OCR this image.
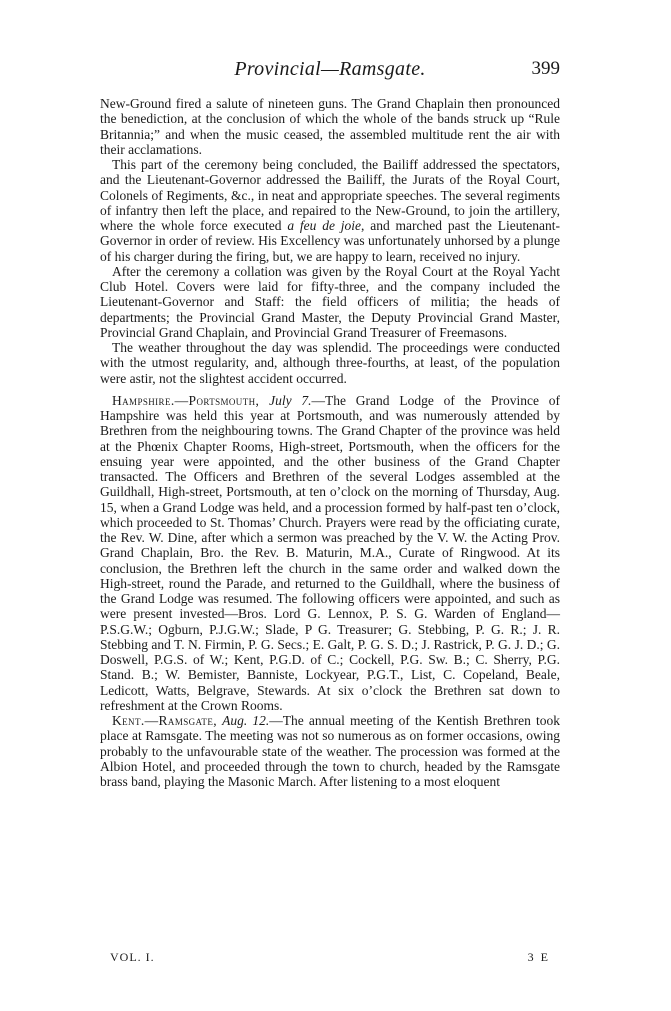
Provincial—Ramsgate.	399

New-Ground fired a salute of nineteen guns. The Grand Chaplain then pronounced the benediction, at the conclusion of which the whole of the bands struck up “Rule Britannia;” and when the music ceased, the assembled multitude rent the air with their acclamations.

This part of the ceremony being concluded, the Bailiff addressed the spectators, and the Lieutenant-Governor addressed the Bailiff, the Jurats of the Royal Court, Colonels of Regiments, &c., in neat and appropriate speeches. The several regiments of infantry then left the place, and repaired to the New-Ground, to join the artillery, where the whole force executed a feu de joie, and marched past the Lieutenant-Governor in order of review. His Excellency was unfortunately unhorsed by a plunge of his charger during the firing, but, we are happy to learn, received no injury.

After the ceremony a collation was given by the Royal Court at the Royal Yacht Club Hotel. Covers were laid for fifty-three, and the company included the Lieutenant-Governor and Staff: the field officers of militia; the heads of departments; the Provincial Grand Master, the Deputy Provincial Grand Master, Provincial Grand Chaplain, and Provincial Grand Treasurer of Freemasons.

The weather throughout the day was splendid. The proceedings were conducted with the utmost regularity, and, although three-fourths, at least, of the population were astir, not the slightest accident occurred.

Hampshire.—Portsmouth, July 7.—The Grand Lodge of the Province of Hampshire was held this year at Portsmouth, and was numerously attended by Brethren from the neighbouring towns. The Grand Chapter of the province was held at the Phœnix Chapter Rooms, High-street, Portsmouth, when the officers for the ensuing year were appointed, and the other business of the Grand Chapter transacted. The Officers and Brethren of the several Lodges assembled at the Guildhall, High-street, Portsmouth, at ten o’clock on the morning of Thursday, Aug. 15, when a Grand Lodge was held, and a procession formed by half-past ten o’clock, which proceeded to St. Thomas’ Church. Prayers were read by the officiating curate, the Rev. W. Dine, after which a sermon was preached by the V. W. the Acting Prov. Grand Chaplain, Bro. the Rev. B. Maturin, M.A., Curate of Ringwood. At its conclusion, the Brethren left the church in the same order and walked down the High-street, round the Parade, and returned to the Guildhall, where the business of the Grand Lodge was resumed. The following officers were appointed, and such as were present invested—Bros. Lord G. Lennox, P. S. G. Warden of England—P.S.G.W.; Ogburn, P.J.G.W.; Slade, P G. Treasurer; G. Stebbing, P. G. R.; J. R. Stebbing and T. N. Firmin, P. G. Secs.; E. Galt, P. G. S. D.; J. Rastrick, P. G. J. D.; G. Doswell, P.G.S. of W.; Kent, P.G.D. of C.; Cockell, P.G. Sw. B.; C. Sherry, P.G. Stand. B.; W. Bemister, Banniste, Lockyear, P.G.T., List, C. Copeland, Beale, Ledicott, Watts, Belgrave, Stewards. At six o’clock the Brethren sat down to refreshment at the Crown Rooms.

Kent.—Ramsgate, Aug. 12.—The annual meeting of the Kentish Brethren took place at Ramsgate. The meeting was not so numerous as on former occasions, owing probably to the unfavourable state of the weather. The procession was formed at the Albion Hotel, and proceeded through the town to church, headed by the Ramsgate brass band, playing the Masonic March. After listening to a most eloquent

VOL. I.	3 E
